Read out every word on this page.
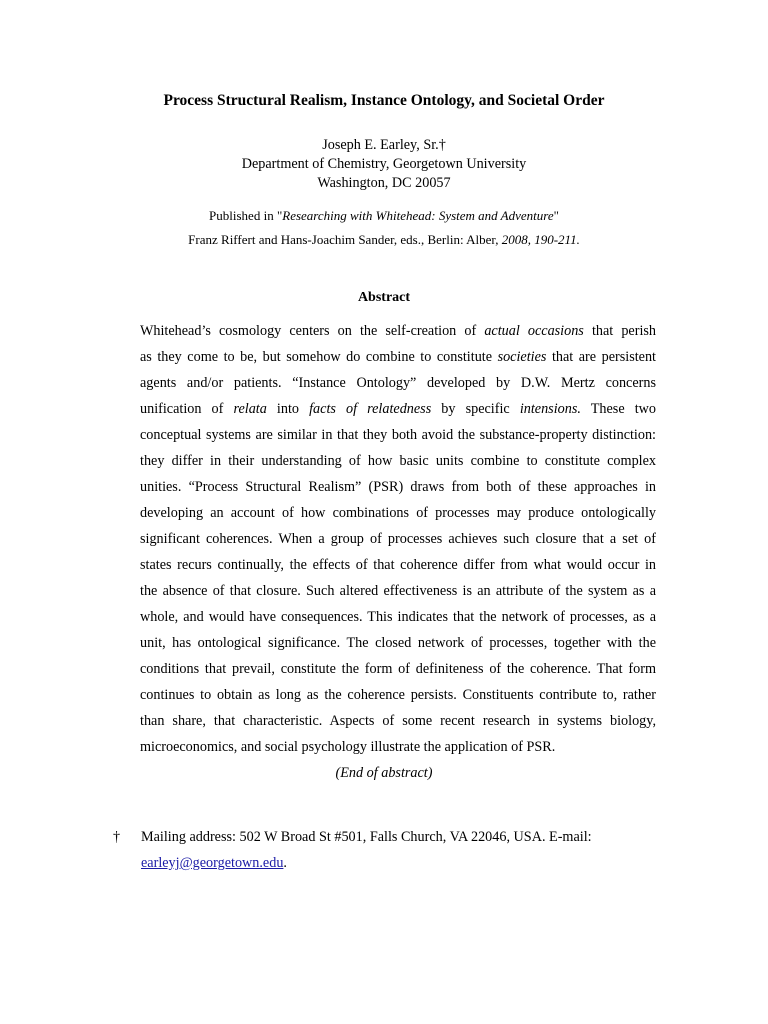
Process Structural Realism, Instance Ontology, and Societal Order

Joseph E. Earley, Sr.†

Department of Chemistry, Georgetown University

Washington, DC 20057

Published in "Researching with Whitehead: System and Adventure"

Franz Riffert and Hans-Joachim Sander, eds., Berlin: Alber, 2008, 190-211.

Abstract
Whitehead’s cosmology centers on the self-creation of actual occasions that perish
as they come to be, but somehow do combine to constitute societies that are persistent
agents and/or patients. “Instance Ontology” developed by D.W. Mertz concerns
unification of relata into facts of relatedness by specific intensions. These two
conceptual systems are similar in that they both avoid the substance-property distinction:
they differ in their understanding of how basic units combine to constitute complex
unities. “Process Structural Realism” (PSR) draws from both of these approaches in
developing an account of how combinations of processes may produce ontologically
significant coherences. When a group of processes achieves such closure that a set of
states recurs continually, the effects of that coherence differ from what would occur in
the absence of that closure. Such altered effectiveness is an attribute of the system as a
whole, and would have consequences. This indicates that the network of processes, as a
unit, has ontological significance. The closed network of processes, together with the
conditions that prevail, constitute the form of definiteness of the coherence. That form
continues to obtain as long as the coherence persists. Constituents contribute to, rather
than share, that characteristic. Aspects of some recent research in systems biology,
microeconomics, and social psychology illustrate the application of PSR.

(End of abstract)

† Mailing address: 502 W Broad St #501, Falls Church, VA 22046, USA. E-mail:
earleyj@georgetown.edu.
